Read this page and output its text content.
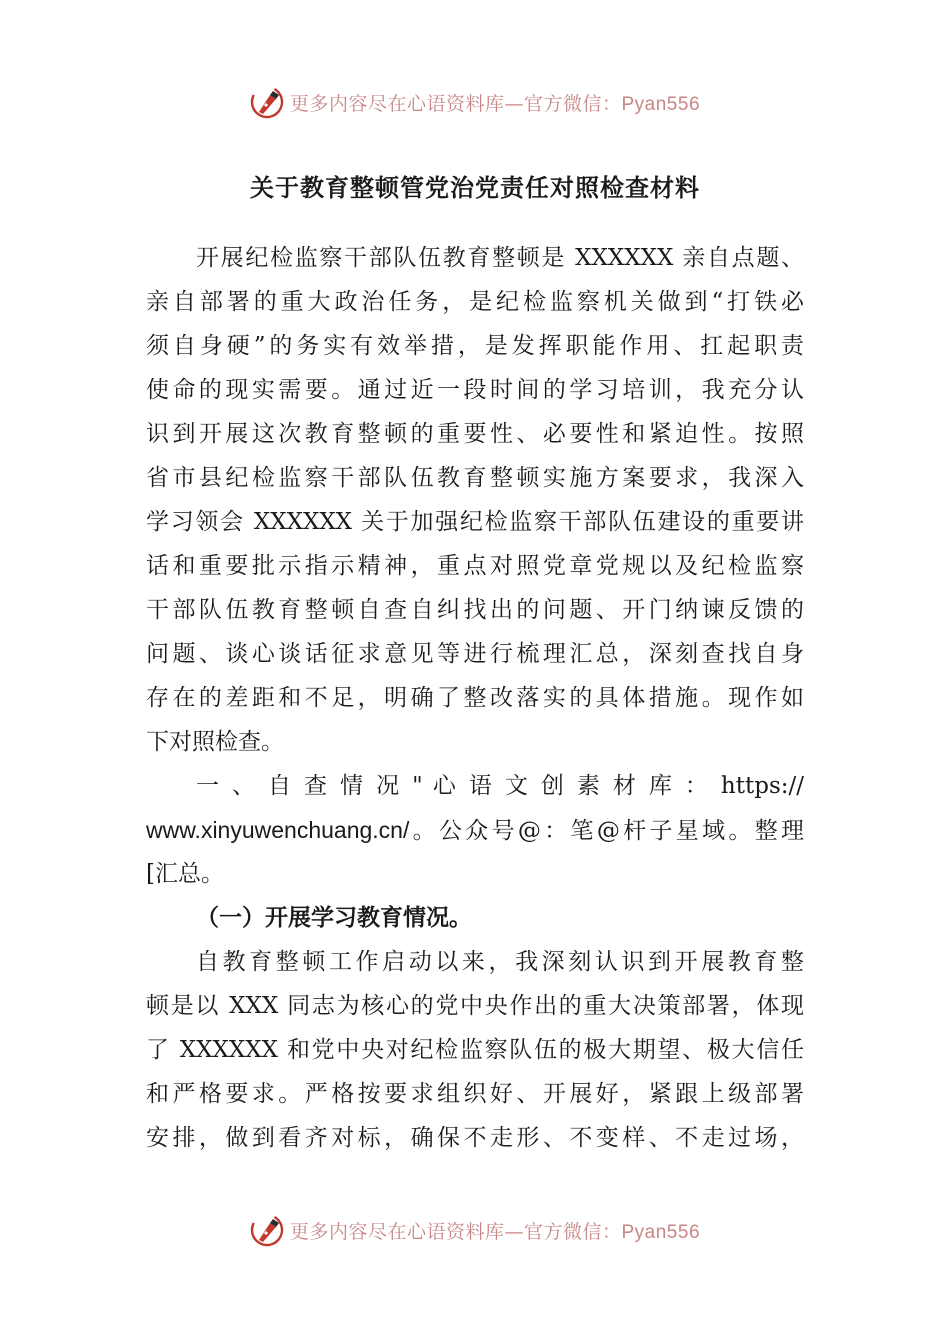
更多内容尽在心语资料库—官方微信：Pyan556
关于教育整顿管党治党责任对照检查材料
开展纪检监察干部队伍教育整顿是 XXXXXX 亲自点题、
亲自部署的重大政治任务，是纪检监察机关做到“打铁必
须自身硬”的务实有效举措，是发挥职能作用、扛起职责
使命的现实需要。通过近一段时间的学习培训，我充分认
识到开展这次教育整顿的重要性、必要性和紧迫性。按照
省市县纪检监察干部队伍教育整顿实施方案要求，我深入
学习领会 XXXXXX 关于加强纪检监察干部队伍建设的重要讲
话和重要批示指示精神，重点对照党章党规以及纪检监察
干部队伍教育整顿自查自纠找出的问题、开门纳谏反馈的
问题、谈心谈话征求意见等进行梳理汇总，深刻查找自身
存在的差距和不足，明确了整改落实的具体措施。现作如
下对照检查。
一 、 自 查 情 况 " 心 语 文 创 素 材 库 ： https://
www.xinyuwenchuang.cn/。公众号@：笔@杆子星域。整理
[汇总。
（一）开展学习教育情况。
自教育整顿工作启动以来，我深刻认识到开展教育整
顿是以 XXX 同志为核心的党中央作出的重大决策部署，体现
了 XXXXXX 和党中央对纪检监察队伍的极大期望、极大信任
和严格要求。严格按要求组织好、开展好，紧跟上级部署
安排，做到看齐对标，确保不走形、不变样、不走过场，
更多内容尽在心语资料库—官方微信：Pyan556
